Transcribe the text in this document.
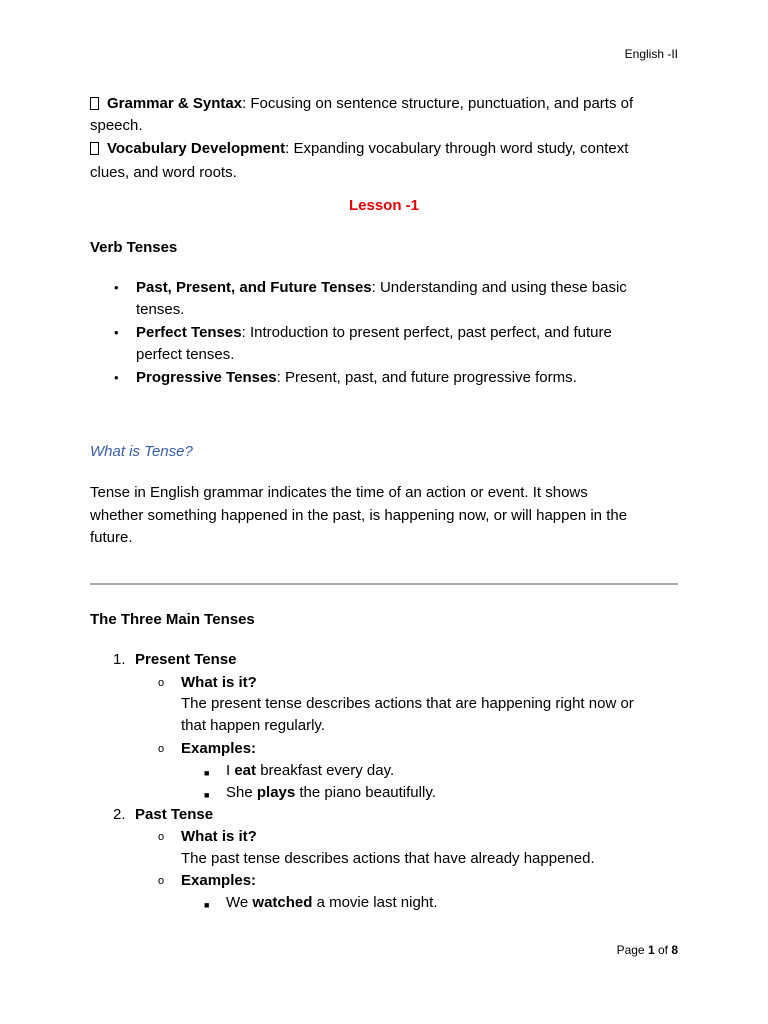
English -II
Grammar & Syntax: Focusing on sentence structure, punctuation, and parts of
speech.
Vocabulary Development: Expanding vocabulary through word study, context
clues, and word roots.
Lesson -1
Verb Tenses
• Past, Present, and Future Tenses: Understanding and using these basic
tenses.
• Perfect Tenses: Introduction to present perfect, past perfect, and future
perfect tenses.
• Progressive Tenses: Present, past, and future progressive forms.
What is Tense?
Tense in English grammar indicates the time of an action or event. It shows
whether something happened in the past, is happening now, or will happen in the
future.
The Three Main Tenses
1. Present Tense
o What is it?
The present tense describes actions that are happening right now or
that happen regularly.
o Examples:
■ I eat breakfast every day.
■ She plays the piano beautifully.
2. Past Tense
o What is it?
The past tense describes actions that have already happened.
o Examples:
■ We watched a movie last night.
Page 1 of 8
